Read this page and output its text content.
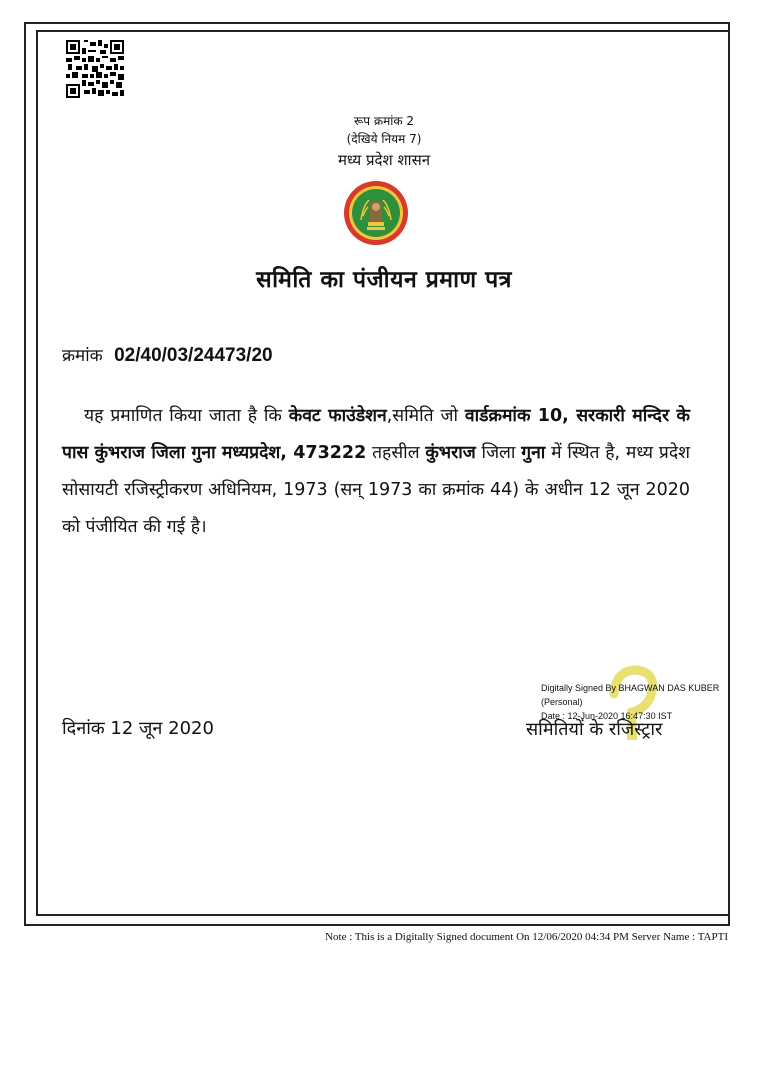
रूप क्रमांक 2
(देखिये नियम 7)
मध्य प्रदेश शासन
समिति का पंजीयन प्रमाण पत्र
क्रमांक 02/40/03/24473/20
यह प्रमाणित किया जाता है कि केवट फाउंडेशन,समिति जो वार्डक्रमांक 10, सरकारी मन्दिर के पास कुंभराज जिला गुना मध्यप्रदेश, 473222 तहसील कुंभराज जिला गुना में स्थित है, मध्य प्रदेश सोसायटी रजिस्ट्रीकरण अधिनियम, 1973 (सन् 1973 का क्रमांक 44) के अधीन 12 जून 2020 को पंजीयित की गई है।
दिनांक 12 जून 2020
Digitally Signed By BHAGWAN DAS KUBER
(Personal)
Date : 12-Jun-2020 16:47:30 IST
समितियों के रजिस्ट्रार
Note : This is a Digitally Signed document On 12/06/2020 04:34 PM Server Name : TAPTI
